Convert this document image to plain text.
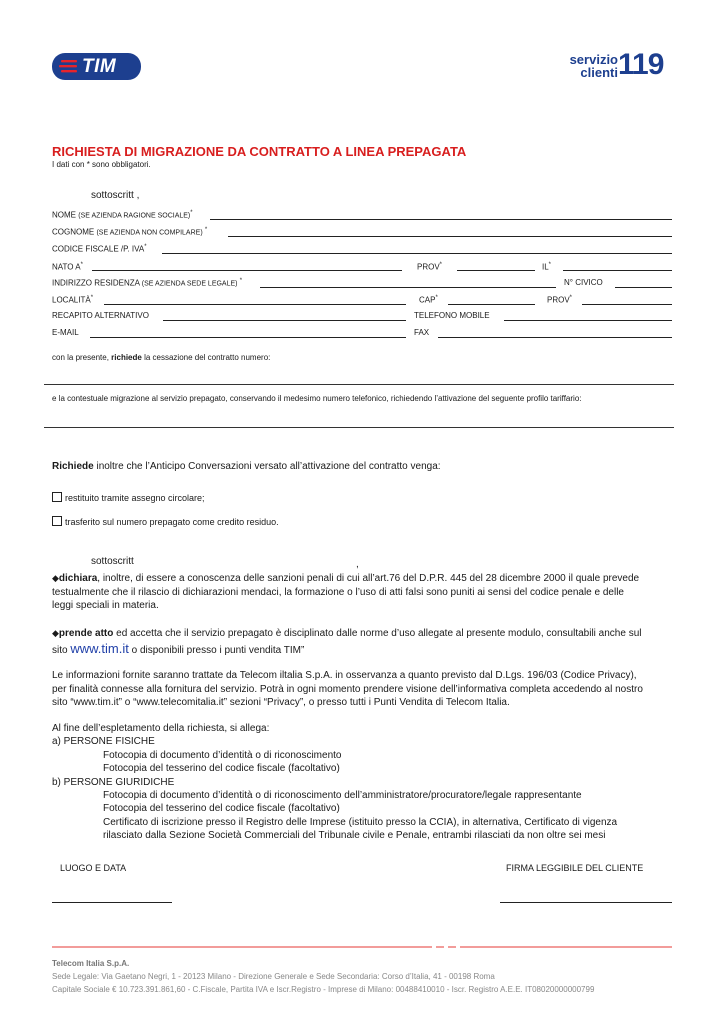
TIM	servizio
clienti 119
RICHIESTA DI MIGRAZIONE DA CONTRATTO A LINEA PREPAGATA
I dati con * sono obbligatori.
sottoscritt ,
NOME (SE AZIENDA RAGIONE SOCIALE)*
COGNOME (SE AZIENDA NON COMPILARE) *
CODICE FISCALE /P. IVA*
NATO A*	PROV*	IL*
INDIRIZZO RESIDENZA (SE AZIENDA SEDE LEGALE) *	N° CIVICO
LOCALITÀ*	CAP*	PROV*
RECAPITO ALTERNATIVO	TELEFONO MOBILE
E-MAIL	FAX
con la presente, richiede la cessazione del contratto numero:
e la contestuale migrazione al servizio prepagato, conservando il medesimo numero telefonico, richiedendo l’attivazione del seguente profilo tariffario:
Richiede inoltre che l’Anticipo Conversazioni versato all’attivazione del contratto venga:
restituito tramite assegno circolare;
trasferito sul numero prepagato come credito residuo.
sottoscritt	,
◆dichiara, inoltre, di essere a conoscenza delle sanzioni penali di cui all’art.76 del D.P.R. 445 del 28 dicembre 2000 il quale prevede
testualmente che il rilascio di dichiarazioni mendaci, la formazione o l’uso di atti falsi sono puniti ai sensi del codice penale e delle
leggi speciali in materia.
◆prende atto ed accetta che il servizio prepagato è disciplinato dalle norme d’uso allegate al presente modulo, consultabili anche sul
sito www.tim.it o disponibili presso i punti vendita TIM”
Le informazioni fornite saranno trattate da Telecom iltalia S.p.A. in osservanza a quanto previsto dal D.Lgs. 196/03 (Codice Privacy),
per finalità connesse alla fornitura del servizio. Potrà in ogni momento prendere visione dell’informativa completa accedendo al nostro
sito “www.tim.it” o “www.telecomitalia.it” sezioni “Privacy”, o presso tutti i Punti Vendita di Telecom Italia.
Al fine dell’espletamento della richiesta, si allega:
a) PERSONE FISICHE
Fotocopia di documento d’identità o di riconoscimento
Fotocopia del tesserino del codice fiscale (facoltativo)
b) PERSONE GIURIDICHE
Fotocopia di documento d’identità o di riconoscimento dell’amministratore/procuratore/legale rappresentante
Fotocopia del tesserino del codice fiscale (facoltativo)
Certificato di iscrizione presso il Registro delle Imprese (istituito presso la CCIA), in alternativa, Certificato di vigenza
rilasciato dalla Sezione Società Commerciali del Tribunale civile e Penale, entrambi rilasciati da non oltre sei mesi
LUOGO E DATA	FIRMA LEGGIBILE DEL CLIENTE
Telecom Italia S.p.A.
Sede Legale: Via Gaetano Negri, 1 - 20123 Milano - Direzione Generale e Sede Secondaria: Corso d’Italia, 41 - 00198 Roma
Capitale Sociale € 10.723.391.861,60 - C.Fiscale, Partita IVA e Iscr.Registro - Imprese di Milano: 00488410010 - Iscr. Registro A.E.E. IT08020000000799
